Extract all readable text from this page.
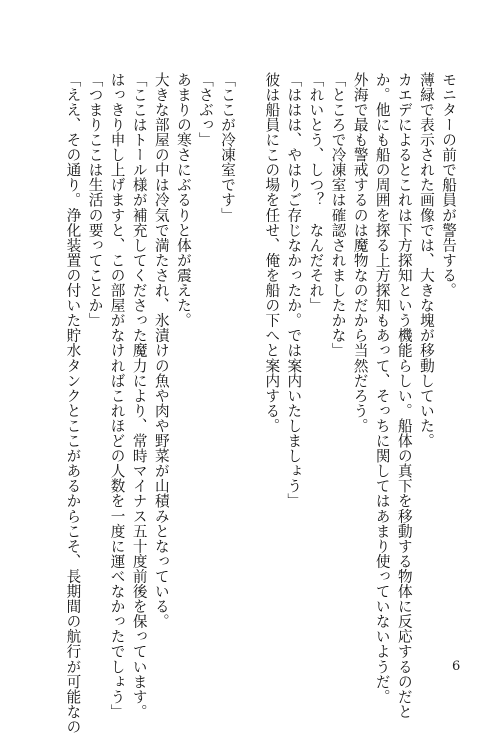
モニターの前で船員が警告する。
薄緑で表示された画像では、大きな塊が移動していた。
カエデによるとこれは下方探知という機能らしい。船体の真下を移動する物体に反応するのだと
か。他にも船の周囲を探る上方探知もあって、そっちに関してはあまり使っていないようだ。
外海で最も警戒するのは魔物なのだから当然だろう。
「ところで冷凍室は確認されましたかな」
「れいとう、しつ？　なんだそれ」
「ははは、やはりご存じなかったか。では案内いたしましょう」
彼は船員にこの場を任せ、俺を船の下へと案内する。
「ここが冷凍室です」
「さぶっ」
あまりの寒さにぶるりと体が震えた。
大きな部屋の中は冷気で満たされ、氷漬けの魚や肉や野菜が山積みとなっている。
「ここはトール様が補充してくださった魔力により、常時マイナス五十度前後を保っています。
はっきり申し上げますと、この部屋がなければこれほどの人数を一度に運べなかったでしょう」
「つまりここは生活の要ってことか」
「ええ、その通り。浄化装置の付いた貯水タンクとここがあるからこそ、長期間の航行が可能なの	6
